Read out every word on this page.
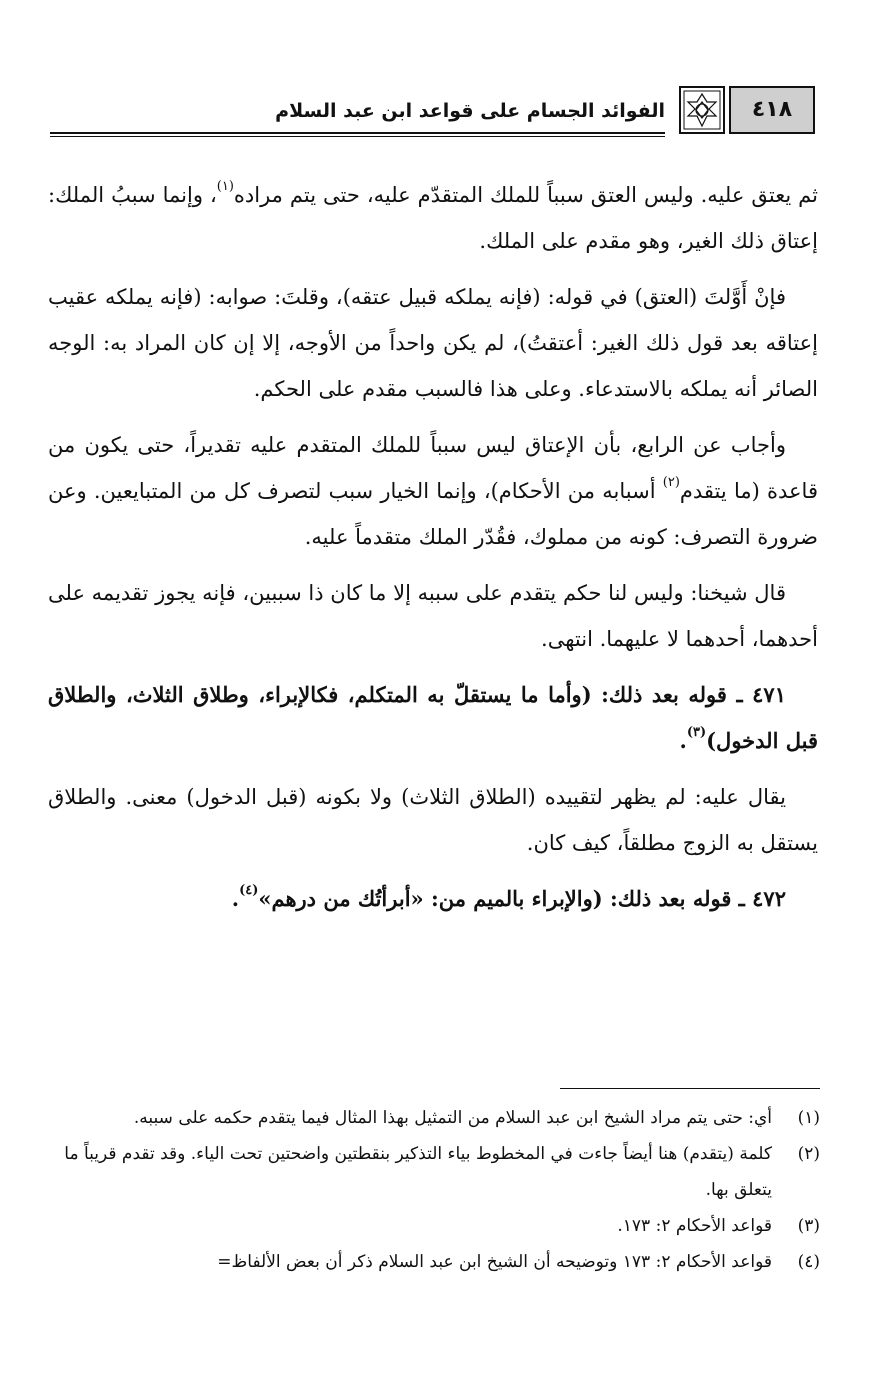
٤١٨
الفوائد الجسام على قواعد ابن عبد السلام

ثم يعتق عليه. وليس العتق سبباً للملك المتقدّم عليه، حتى يتم مراده$^{(١)}$، وإنما سببُ الملك: إعتاق ذلك الغير، وهو مقدم على الملك.

فإنْ أَوَّلتَ (العتق) في قوله: (فإنه يملكه قبيل عتقه)، وقلتَ: صوابه: (فإنه يملكه عقيب إعتاقه بعد قول ذلك الغير: أعتقتُ)، لم يكن واحداً من الأوجه، إلا إن كان المراد به: الوجه الصائر أنه يملكه بالاستدعاء. وعلى هذا فالسبب مقدم على الحكم.

وأجاب عن الرابع، بأن الإعتاق ليس سبباً للملك المتقدم عليه تقديراً، حتى يكون من قاعدة (ما يتقدم$^{(٢)}$ أسبابه من الأحكام)، وإنما الخيار سبب لتصرف كل من المتبايعين. وعن ضرورة التصرف: كونه من مملوك، فقُدّر الملك متقدماً عليه.

قال شيخنا: وليس لنا حكم يتقدم على سببه إلا ما كان ذا سببين، فإنه يجوز تقديمه على أحدهما، أحدهما لا عليهما. انتهى.

٤٧١ ـ قوله بعد ذلك: (وأما ما يستقلّ به المتكلم، فكالإبراء، وطلاق الثلاث، والطلاق قبل الدخول)$^{(٣)}$.

يقال عليه: لم يظهر لتقييده (الطلاق الثلاث) ولا بكونه (قبل الدخول) معنى. والطلاق يستقل به الزوج مطلقاً، كيف كان.

٤٧٢ ـ قوله بعد ذلك: (والإبراء بالميم من: «أبرأتُك من درهم»$^{(٤)}$.

(١)
أي: حتى يتم مراد الشيخ ابن عبد السلام من التمثيل بهذا المثال فيما يتقدم حكمه على سببه.
(٢)
كلمة (يتقدم) هنا أيضاً جاءت في المخطوط بياء التذكير بنقطتين واضحتين تحت الياء. وقد تقدم قريباً ما يتعلق بها.
(٣)
قواعد الأحكام ٢: ١٧٣.
(٤)
قواعد الأحكام ٢: ١٧٣ وتوضيحه أن الشيخ ابن عبد السلام ذكر أن بعض الألفاظ=
